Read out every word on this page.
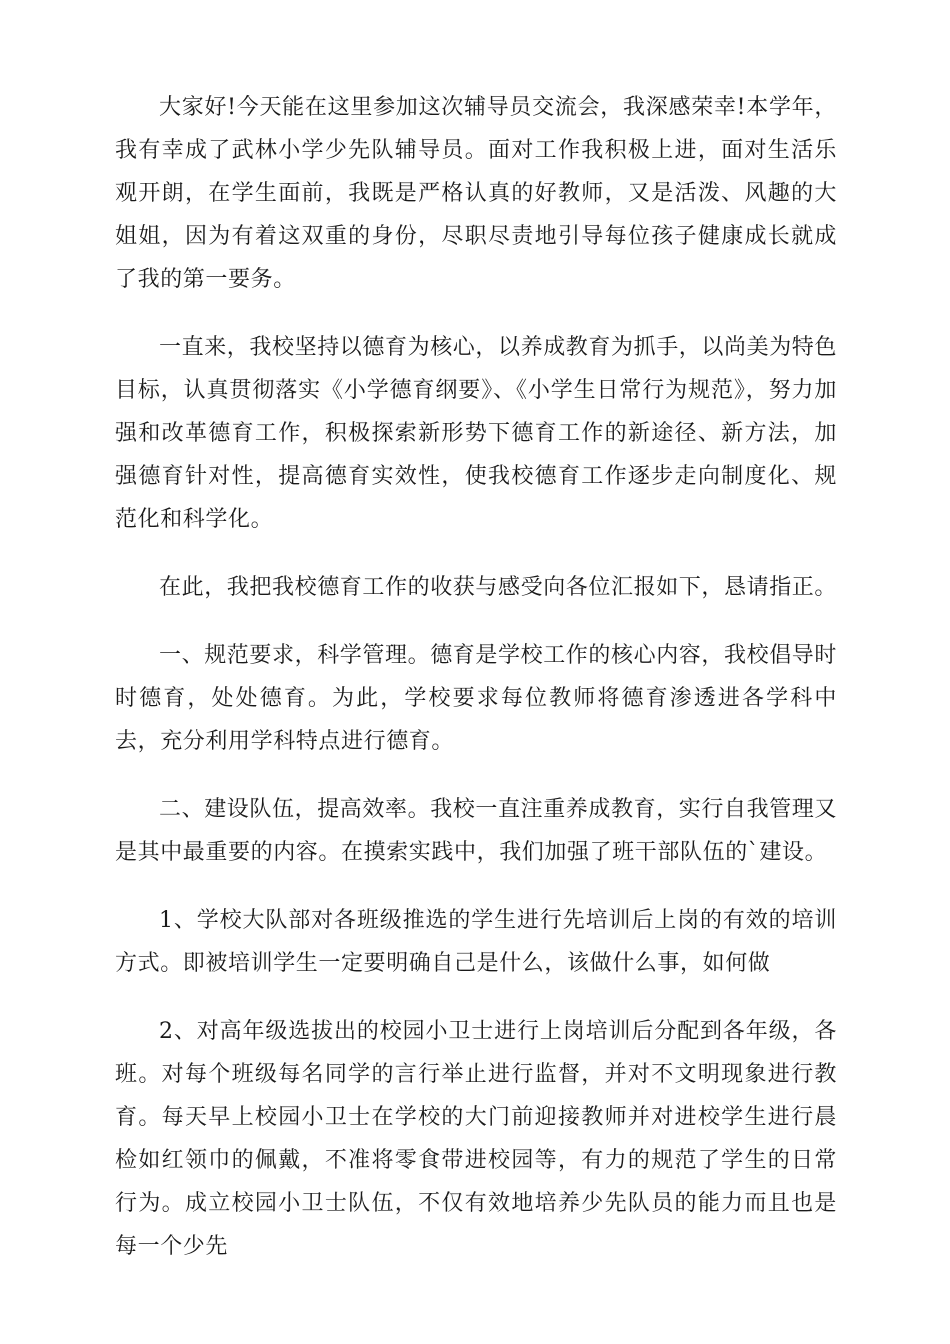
大家好!今天能在这里参加这次辅导员交流会，我深感荣幸!本学年，我有幸成了武林小学少先队辅导员。面对工作我积极上进，面对生活乐观开朗，在学生面前，我既是严格认真的好教师，又是活泼、风趣的大姐姐，因为有着这双重的身份，尽职尽责地引导每位孩子健康成长就成了我的第一要务。

一直来，我校坚持以德育为核心，以养成教育为抓手，以尚美为特色目标，认真贯彻落实《小学德育纲要》、《小学生日常行为规范》，努力加强和改革德育工作，积极探索新形势下德育工作的新途径、新方法，加强德育针对性，提高德育实效性，使我校德育工作逐步走向制度化、规范化和科学化。

在此，我把我校德育工作的收获与感受向各位汇报如下，恳请指正。

一、规范要求，科学管理。德育是学校工作的核心内容，我校倡导时时德育，处处德育。为此，学校要求每位教师将德育渗透进各学科中去，充分利用学科特点进行德育。

二、建设队伍，提高效率。我校一直注重养成教育，实行自我管理又是其中最重要的内容。在摸索实践中，我们加强了班干部队伍的`建设。

1、学校大队部对各班级推选的学生进行先培训后上岗的有效的培训方式。即被培训学生一定要明确自己是什么，该做什么事，如何做

2、对高年级选拔出的校园小卫士进行上岗培训后分配到各年级，各班。对每个班级每名同学的言行举止进行监督，并对不文明现象进行教育。每天早上校园小卫士在学校的大门前迎接教师并对进校学生进行晨检如红领巾的佩戴，不准将零食带进校园等，有力的规范了学生的日常行为。成立校园小卫士队伍，不仅有效地培养少先队员的能力而且也是每一个少先
